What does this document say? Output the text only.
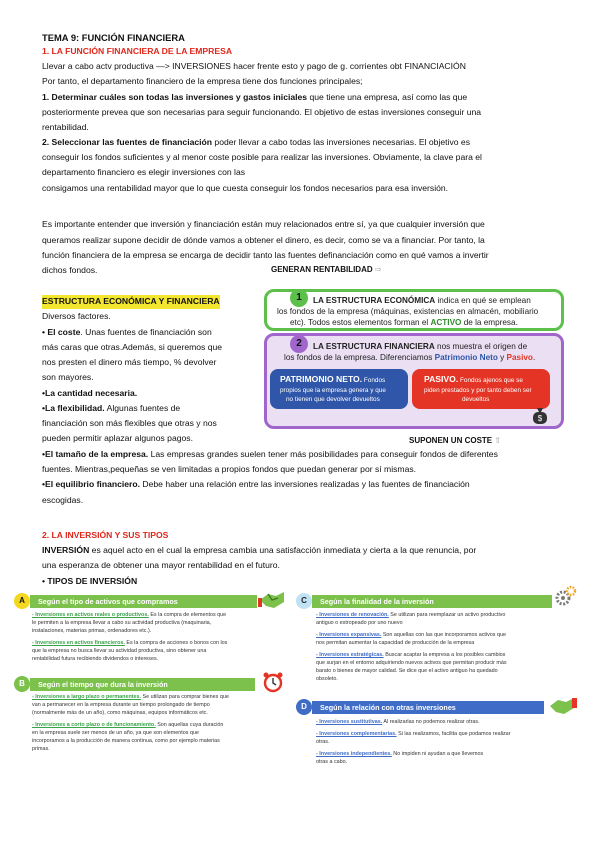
TEMA 9: FUNCIÓN FINANCIERA
1. LA FUNCIÓN FINANCIERA DE LA EMPRESA
Llevar a cabo actv productiva —> INVERSIONES hacer frente esto y pago de g. corrientes obt FINANCIACIÓN
Por tanto, el departamento financiero de la empresa tiene dos funciones principales;
1. Determinar cuáles son todas las inversiones y gastos iniciales que tiene una empresa, así como las que
posteriormente prevea que son necesarias para seguir funcionando. El objetivo de estas inversiones conseguir una
rentabilidad.
2. Seleccionar las fuentes de financiación poder llevar a cabo todas las inversiones necesarias. El objetivo es
conseguir los fondos suficientes y al menor coste posible para realizar las inversiones. Obviamente, la clave para el
departamento financiero es elegir inversiones con las
consigamos una rentabilidad mayor que lo que cuesta conseguir los fondos necesarios para esa inversión.
Es importante entender que inversión y financiación están muy relacionados entre sí, ya que cualquier inversión que
queramos realizar supone decidir de dónde vamos a obtener el dinero, es decir, como se va a financiar. Por tanto, la
función financiera de la empresa se encarga de decidir tanto las fuentes definanciación como en qué vamos a invertir
dichos fondos.	GENERAN RENTABILIDAD ⇨
ESTRUCTURA ECONÓMICA Y FINANCIERA
Diversos factores.
• El coste. Unas fuentes de financiación son
más caras que otras.Además, si queremos que
nos presten el dinero más tiempo, % devolver
son mayores.
•La cantidad necesaria.
•La flexibilidad. Algunas fuentes de
financiación son más flexibles que otras y nos
pueden permitir aplazar algunos pagos.	SUPONEN UN COSTE ⇧
•El tamaño de la empresa. Las empresas grandes suelen tener más posibilidades para conseguir fondos de diferentes
fuentes. Mientras,pequeñas se ven limitadas a propios fondos que puedan generar por sí mismas.
•El equilibrio financiero. Debe haber una relación entre las inversiones realizadas y las fuentes de financiación
escogidas.
1	LA ESTRUCTURA ECONÓMICA indica en qué se emplean
los fondos de la empresa (máquinas, existencias en almacén, mobiliario
etc). Todos estos elementos forman el ACTIVO de la empresa.
2	LA ESTRUCTURA FINANCIERA nos muestra el origen de
los fondos de la empresa. Diferenciamos Patrimonio Neto y Pasivo.
PATRIMONIO NETO. Fondos
propios que la empresa genera y que
no tienen que devolver devueltos
PASIVO. Fondos ajenos que se
piden prestados y por tanto deben ser
devueltos
$
2. LA INVERSIÓN Y SUS TIPOS
INVERSIÓN es aquel acto en el cual la empresa cambia una satisfacción inmediata y cierta a la que renuncia, por
una esperanza de obtener una mayor rentabilidad en el futuro.
• TIPOS DE INVERSIÓN
A	Según el tipo de activos que compramos
- Inversiones en activos reales o productivos. Es la compra de elementos que
le permiten a la empresa llevar a cabo su actividad productiva (maquinaria,
instalaciones, materias primas, ordenadores etc.).
- Inversiones en activos financieros. Es la compra de acciones o bonos con los
que la empresa no busca llevar su actividad productiva, sino obtener una
rentabilidad futura recibiendo dividendos o intereses.
B	Según el tiempo que dura la inversión
- Inversiones a largo plazo o permanentes. Se utilizan para comprar bienes que
van a permanecer en la empresa durante un tiempo prolongado de tiempo
(normalmente más de un año), como máquinas, equipos informáticos etc.
- Inversiones a corto plazo o de funcionamiento. Son aquellas cuya duración
en la empresa suele ser menos de un año, ya que son elementos que
incorporamos a la producción de manera continua, como por ejemplo materias
primas.
C	Según la finalidad de la inversión
- Inversiones de renovación. Se utilizan para reemplazar un activo productivo
antiguo o estropeado por uno nuevo
- Inversiones expansivas. Son aquellas con las que incorporamos activos que
nos permitan aumentar la capacidad de producción de la empresa
- Inversiones estratégicas. Buscar acaptar la empresa a los posibles cambios
que surjan en el entorno adquiriendo nuevos activos que permitan producir más
barato o bienes de mayor calidad. Se dice que el activo antiguo ha quedado
obsoleto.
D	Según la relación con otras inversiones
- Inversiones sustitutivas. Al realizarlas no podemos realizar otras.
- Inversiones complementarias. Si las realizamos, facilita que podamos realizar
otras.
- Inversiones independientes. No impiden ni ayudan a que llevemos
otras a cabo.
